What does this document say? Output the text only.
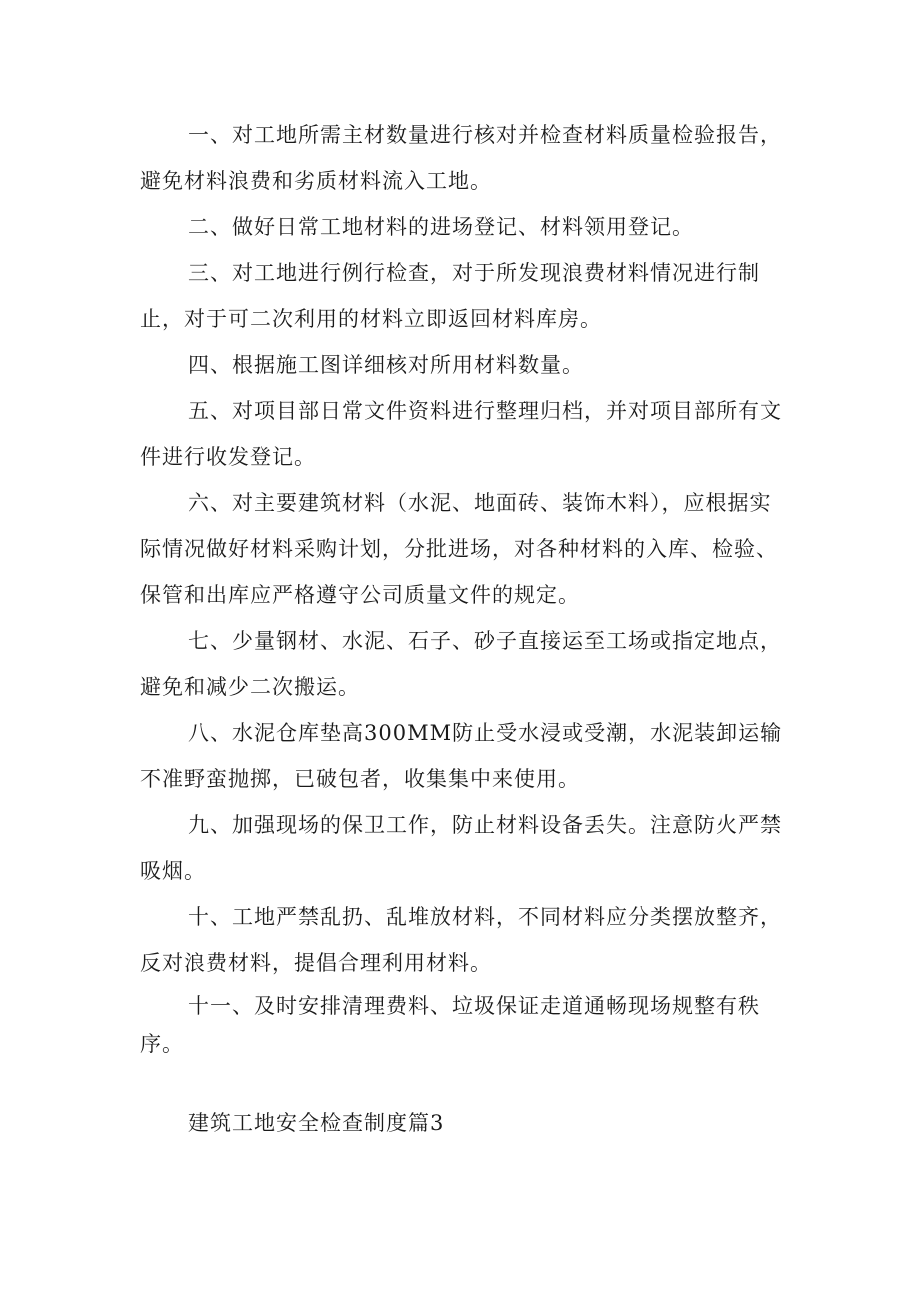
一、对工地所需主材数量进行核对并检查材料质量检验报告，避免材料浪费和劣质材料流入工地。

二、做好日常工地材料的进场登记、材料领用登记。

三、对工地进行例行检查，对于所发现浪费材料情况进行制止，对于可二次利用的材料立即返回材料库房。

四、根据施工图详细核对所用材料数量。

五、对项目部日常文件资料进行整理归档，并对项目部所有文件进行收发登记。

六、对主要建筑材料（水泥、地面砖、装饰木料），应根据实际情况做好材料采购计划，分批进场，对各种材料的入库、检验、保管和出库应严格遵守公司质量文件的规定。

七、少量钢材、水泥、石子、砂子直接运至工场或指定地点，避免和减少二次搬运。

八、水泥仓库垫高300MM防止受水浸或受潮，水泥装卸运输不准野蛮抛掷，已破包者，收集集中来使用。

九、加强现场的保卫工作，防止材料设备丢失。注意防火严禁吸烟。

十、工地严禁乱扔、乱堆放材料，不同材料应分类摆放整齐，反对浪费材料，提倡合理利用材料。

十一、及时安排清理费料、垃圾保证走道通畅现场规整有秩序。

建筑工地安全检查制度篇3
